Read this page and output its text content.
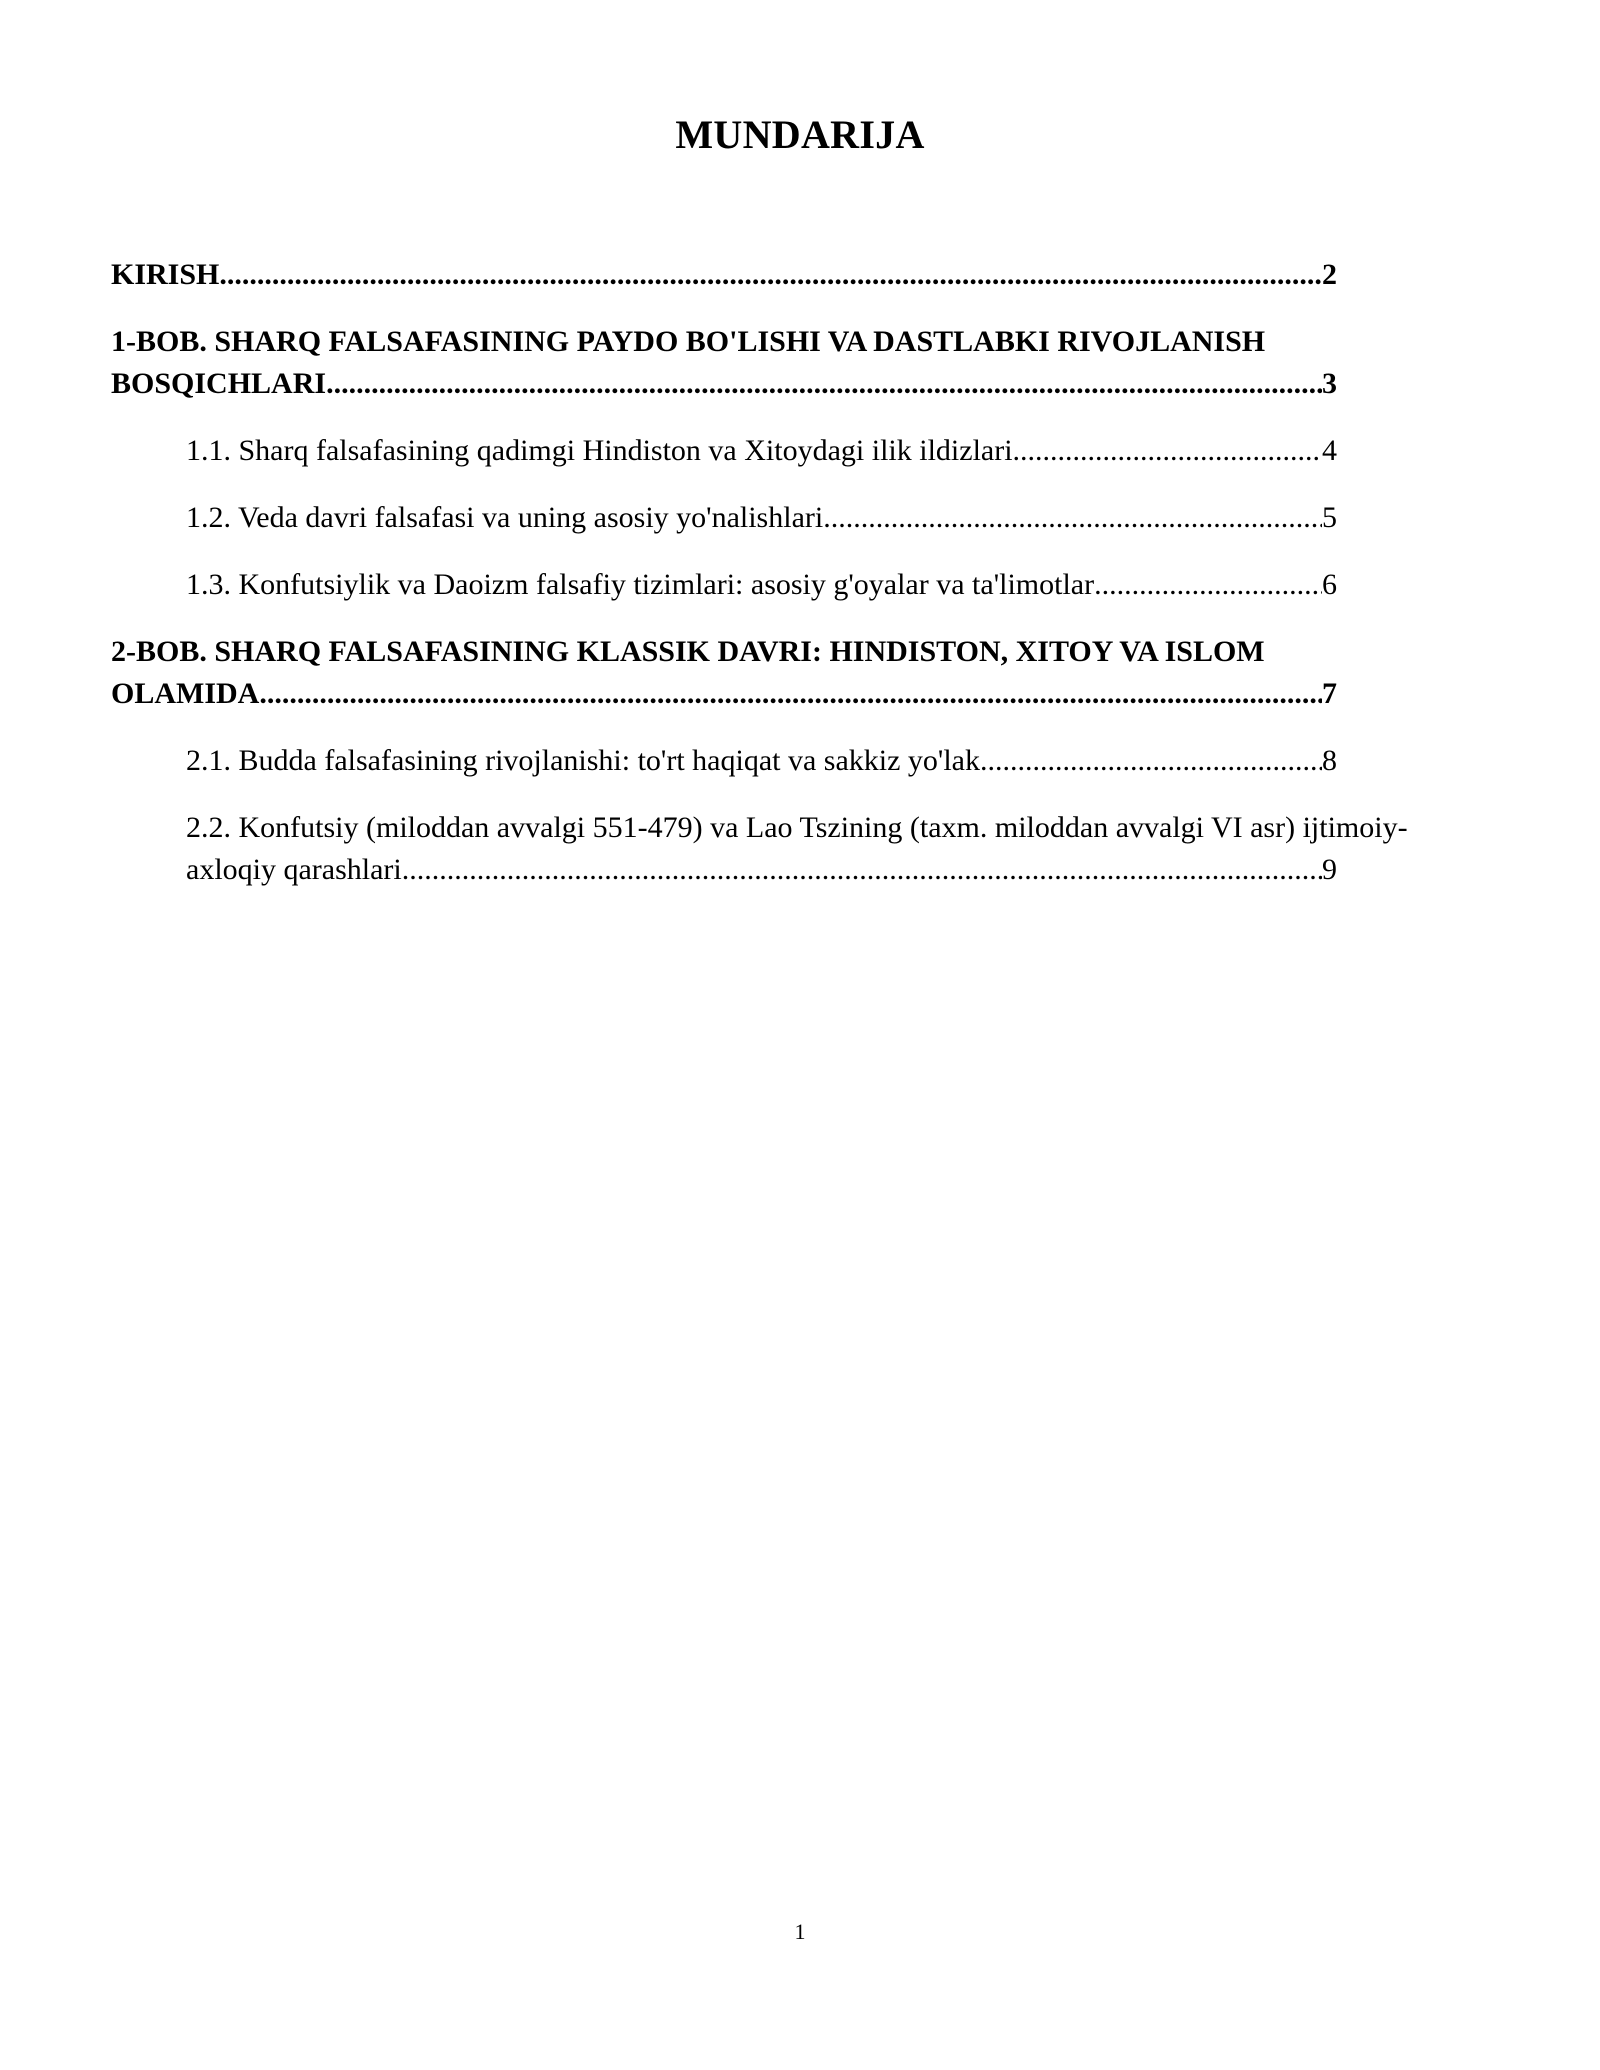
MUNDARIJA
KIRISH .....	2
1-BOB. SHARQ FALSAFASINING PAYDO BO'LISHI VA DASTLABKI RIVOJLANISH
BOSQICHLARI .....	3
1.1. Sharq falsafasining qadimgi Hindiston va Xitoydagi ilik ildizlari .....	4
1.2. Veda davri falsafasi va uning asosiy yo'nalishlari .....	5
1.3. Konfutsiylik va Daoizm falsafiy tizimlari: asosiy g'oyalar va ta'limotlar .....	6
2-BOB. SHARQ FALSAFASINING KLASSIK DAVRI: HINDISTON, XITOY VA ISLOM
OLAMIDA .....	7
2.1. Budda falsafasining rivojlanishi: to'rt haqiqat va sakkiz yo'lak .....	8
2.2. Konfutsiy (miloddan avvalgi 551-479) va Lao Tszining (taxm. miloddan avvalgi VI asr) ijtimoiy-
axloqiy qarashlari .....	9
1
